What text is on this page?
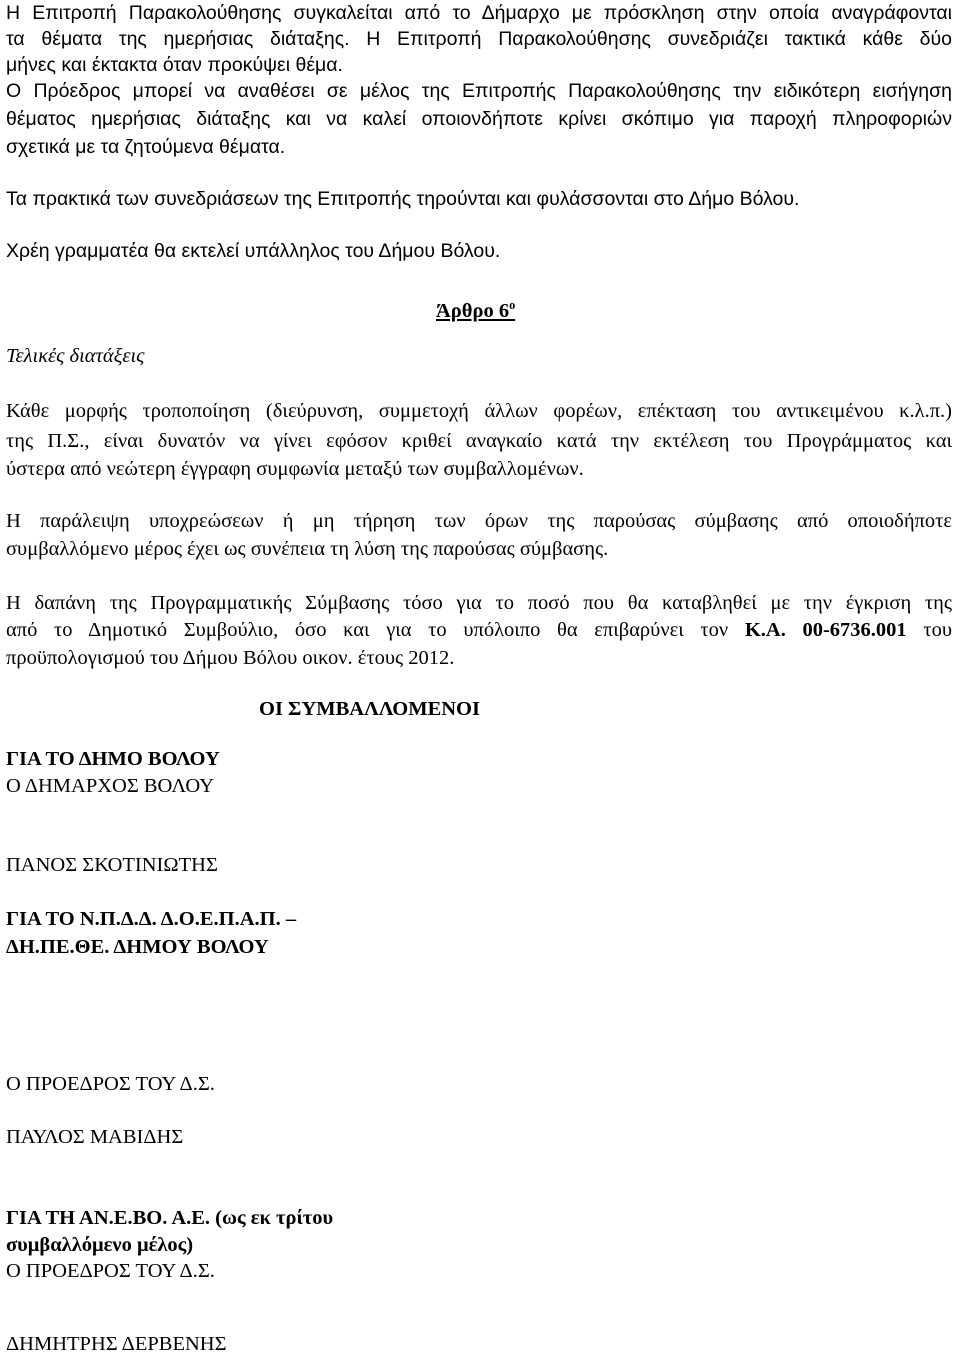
Η Επιτροπή Παρακολούθησης συγκαλείται από το Δήμαρχο με πρόσκληση στην οποία αναγράφονται
τα θέματα της ημερήσιας διάταξης. Η Επιτροπή Παρακολούθησης συνεδριάζει τακτικά κάθε δύο
μήνες και έκτακτα όταν προκύψει θέμα.
Ο Πρόεδρος μπορεί να αναθέσει σε μέλος της Επιτροπής Παρακολούθησης την ειδικότερη εισήγηση
θέματος ημερήσιας διάταξης και να καλεί οποιονδήποτε κρίνει σκόπιμο για παροχή πληροφοριών
σχετικά με τα ζητούμενα θέματα.
Τα πρακτικά των συνεδριάσεων της Επιτροπής τηρούνται και φυλάσσονται στο Δήμο Βόλου.
Χρέη γραμματέα θα εκτελεί υπάλληλος του Δήμου Βόλου.
Άρθρο $6^o$
Τελικές διατάξεις
Κάθε μορφής τροποποίηση (διεύρυνση, συμμετοχή άλλων φορέων, επέκταση του αντικειμένου κ.λ.π.)
της Π.Σ., είναι δυνατόν να γίνει εφόσον κριθεί αναγκαίο κατά την εκτέλεση του Προγράμματος και
ύστερα από νεώτερη έγγραφη συμφωνία μεταξύ των συμβαλλομένων.
Η παράλειψη υποχρεώσεων ή μη τήρηση των όρων της παρούσας σύμβασης από οποιοδήποτε
συμβαλλόμενο μέρος έχει ως συνέπεια τη λύση της παρούσας σύμβασης.
Η δαπάνη της Προγραμματικής Σύμβασης τόσο για το ποσό που θα καταβληθεί με την έγκριση της
από το Δημοτικό Συμβούλιο, όσο και για το υπόλοιπο θα επιβαρύνει τον Κ.Α. 00-6736.001 του
προϋπολογισμού του Δήμου Βόλου οικον. έτους 2012.
ΟΙ ΣΥΜΒΑΛΛΟΜΕΝΟΙ
ΓΙΑ ΤΟ ΔΗΜΟ ΒΟΛΟΥ
Ο ΔΗΜΑΡΧΟΣ ΒΟΛΟΥ
ΠΑΝΟΣ ΣΚΟΤΙΝΙΩΤΗΣ
ΓΙΑ ΤΟ Ν.Π.Δ.Δ. Δ.Ο.Ε.Π.Α.Π. –
ΔΗ.ΠΕ.ΘΕ. ΔΗΜΟΥ ΒΟΛΟΥ
Ο ΠΡΟΕΔΡΟΣ ΤΟΥ Δ.Σ.
ΠΑΥΛΟΣ ΜΑΒΙΔΗΣ
ΓΙΑ ΤΗ ΑΝ.Ε.ΒΟ. Α.Ε. (ως εκ τρίτου
συμβαλλόμενο μέλος)
Ο ΠΡΟΕΔΡΟΣ ΤΟΥ Δ.Σ.
ΔΗΜΗΤΡΗΣ ΔΕΡΒΕΝΗΣ
